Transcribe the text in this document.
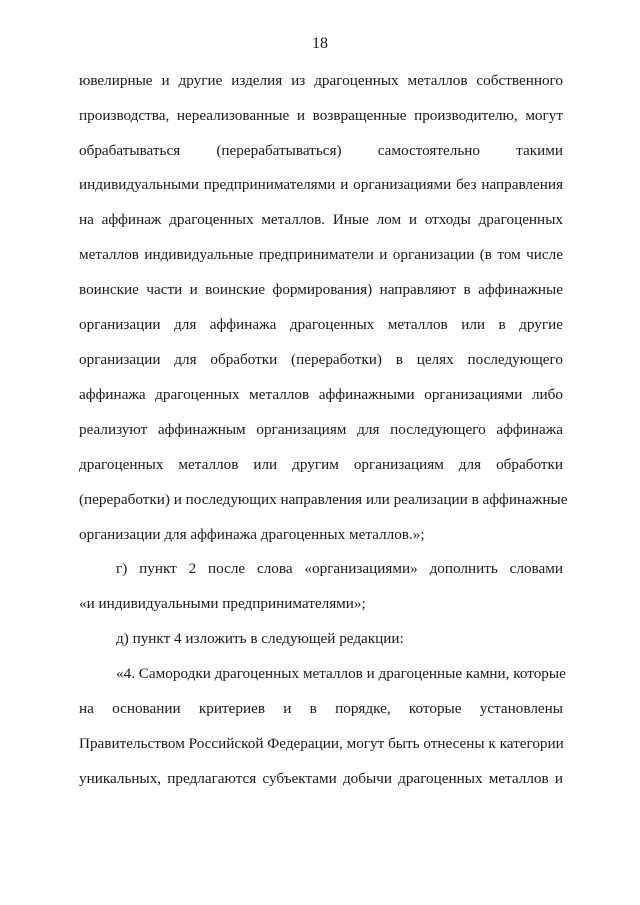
18
ювелирные и другие изделия из драгоценных металлов собственного
производства, нереализованные и возвращенные производителю, могут
обрабатываться (перерабатываться) самостоятельно такими
индивидуальными предпринимателями и организациями без направления
на аффинаж драгоценных металлов. Иные лом и отходы драгоценных
металлов индивидуальные предприниматели и организации (в том числе
воинские части и воинские формирования) направляют в аффинажные
организации для аффинажа драгоценных металлов или в другие
организации для обработки (переработки) в целях последующего
аффинажа драгоценных металлов аффинажными организациями либо
реализуют аффинажным организациям для последующего аффинажа
драгоценных металлов или другим организациям для обработки
(переработки) и последующих направления или реализации в аффинажные
организации для аффинажа драгоценных металлов.»;
г) пункт 2 после слова «организациями» дополнить словами
«и индивидуальными предпринимателями»;
д) пункт 4 изложить в следующей редакции:
«4. Самородки драгоценных металлов и драгоценные камни, которые
на основании критериев и в порядке, которые установлены
Правительством Российской Федерации, могут быть отнесены к категории
уникальных, предлагаются субъектами добычи драгоценных металлов и
